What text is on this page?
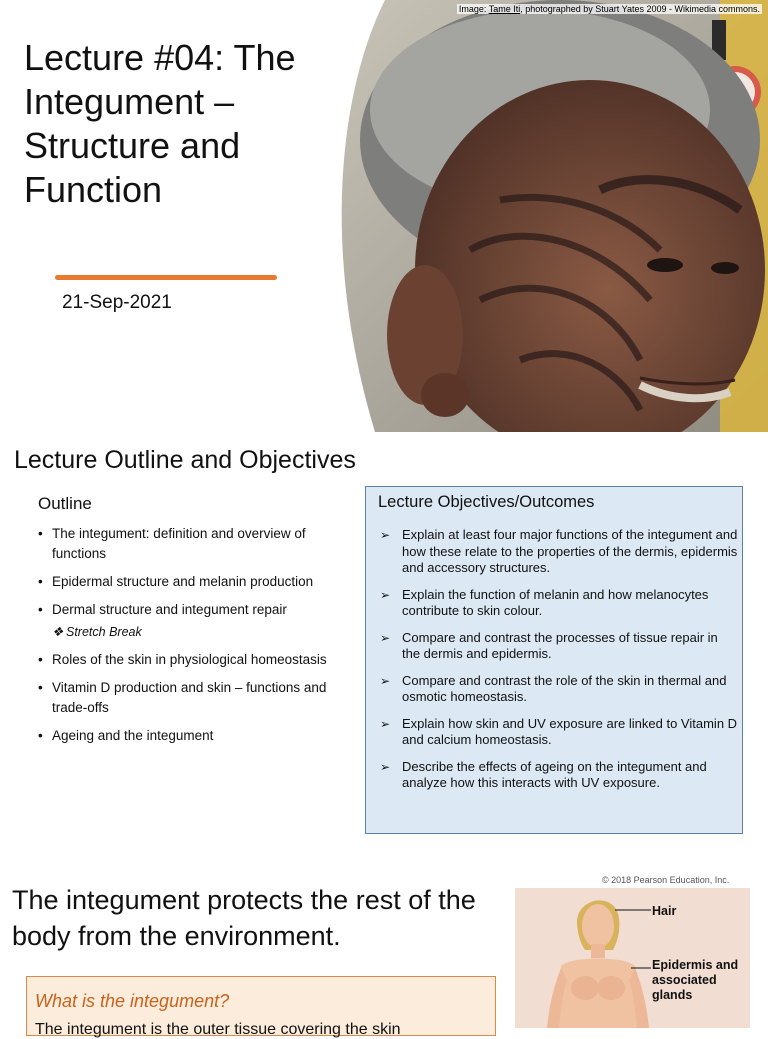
Lecture #04: The Integument – Structure and Function
21-Sep-2021
Image: Tame Iti, photographed by Stuart Yates 2009 - Wikimedia commons.
Lecture Outline and Objectives
Outline
• The integument: definition and overview of functions
• Epidermal structure and melanin production
• Dermal structure and integument repair
❖ Stretch Break
• Roles of the skin in physiological homeostasis
• Vitamin D production and skin – functions and trade-offs
• Ageing and the integument
Lecture Objectives/Outcomes
➢ Explain at least four major functions of the integument and how these relate to the properties of the dermis, epidermis and accessory structures.
➢ Explain the function of melanin and how melanocytes contribute to skin colour.
➢ Compare and contrast the processes of tissue repair in the dermis and epidermis.
➢ Compare and contrast the role of the skin in thermal and osmotic homeostasis.
➢ Explain how skin and UV exposure are linked to Vitamin D and calcium homeostasis.
➢ Describe the effects of ageing on the integument and analyze how this interacts with UV exposure.
The integument protects the rest of the body from the environment.
What is the integument?
The integument is the outer tissue covering the skin
© 2018 Pearson Education, Inc.
Hair
Epidermis and
associated
glands
